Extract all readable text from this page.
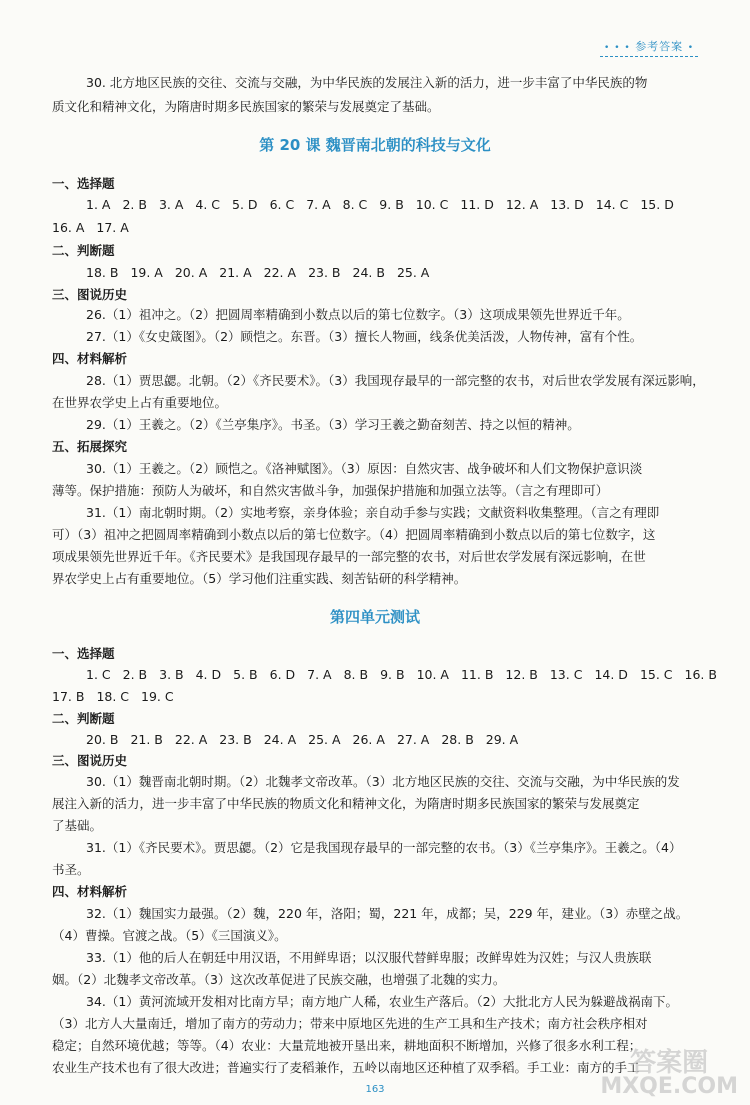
• • • 参考答案 •
30. 北方地区民族的交往、交流与交融，为中华民族的发展注入新的活力，进一步丰富了中华民族的物
质文化和精神文化，为隋唐时期多民族国家的繁荣与发展奠定了基础。
第 20 课 魏晋南北朝的科技与文化
一、选择题
1. A 2. B 3. A 4. C 5. D 6. C 7. A 8. C 9. B 10. C 11. D 12. A 13. D 14. C 15. D
16. A 17. A
二、判断题
18. B 19. A 20. A 21. A 22. A 23. B 24. B 25. A
三、图说历史
26.（1）祖冲之。（2）把圆周率精确到小数点以后的第七位数字。（3）这项成果领先世界近千年。
27.（1）《女史箴图》。（2）顾恺之。东晋。（3）擅长人物画，线条优美活泼，人物传神，富有个性。
四、材料解析
28.（1）贾思勰。北朝。（2）《齐民要术》。（3）我国现存最早的一部完整的农书，对后世农学发展有深远影响，
在世界农学史上占有重要地位。
29.（1）王羲之。（2）《兰亭集序》。书圣。（3）学习王羲之勤奋刻苦、持之以恒的精神。
五、拓展探究
30.（1）王羲之。（2）顾恺之。《洛神赋图》。（3）原因：自然灾害、战争破坏和人们文物保护意识淡
薄等。保护措施：预防人为破坏，和自然灾害做斗争，加强保护措施和加强立法等。（言之有理即可）
31.（1）南北朝时期。（2）实地考察，亲身体验；亲自动手参与实践；文献资料收集整理。（言之有理即
可）（3）祖冲之把圆周率精确到小数点以后的第七位数字。（4）把圆周率精确到小数点以后的第七位数字，这
项成果领先世界近千年。《齐民要术》是我国现存最早的一部完整的农书，对后世农学发展有深远影响，在世
界农学史上占有重要地位。（5）学习他们注重实践、刻苦钻研的科学精神。
第四单元测试
一、选择题
1. C 2. B 3. B 4. D 5. B 6. D 7. A 8. B 9. B 10. A 11. B 12. B 13. C 14. D 15. C 16. B
17. B 18. C 19. C
二、判断题
20. B 21. B 22. A 23. B 24. A 25. A 26. A 27. A 28. B 29. A
三、图说历史
30.（1）魏晋南北朝时期。（2）北魏孝文帝改革。（3）北方地区民族的交往、交流与交融，为中华民族的发
展注入新的活力，进一步丰富了中华民族的物质文化和精神文化，为隋唐时期多民族国家的繁荣与发展奠定
了基础。
31.（1）《齐民要术》。贾思勰。（2）它是我国现存最早的一部完整的农书。（3）《兰亭集序》。王羲之。（4）
书圣。
四、材料解析
32.（1）魏国实力最强。（2）魏，220 年，洛阳；蜀，221 年，成都；吴，229 年，建业。（3）赤壁之战。
（4）曹操。官渡之战。（5）《三国演义》。
33.（1）他的后人在朝廷中用汉语，不用鲜卑语；以汉服代替鲜卑服；改鲜卑姓为汉姓；与汉人贵族联
姻。（2）北魏孝文帝改革。（3）这次改革促进了民族交融，也增强了北魏的实力。
34.（1）黄河流域开发相对比南方早；南方地广人稀，农业生产落后。（2）大批北方人民为躲避战祸南下。
（3）北方人大量南迁，增加了南方的劳动力；带来中原地区先进的生产工具和生产技术；南方社会秩序相对
稳定；自然环境优越；等等。（4）农业：大量荒地被开垦出来，耕地面积不断增加，兴修了很多水利工程；
农业生产技术也有了很大改进；普遍实行了麦稻兼作，五岭以南地区还种植了双季稻。手工业：南方的手工
163
答案圈
MXQE.COM
